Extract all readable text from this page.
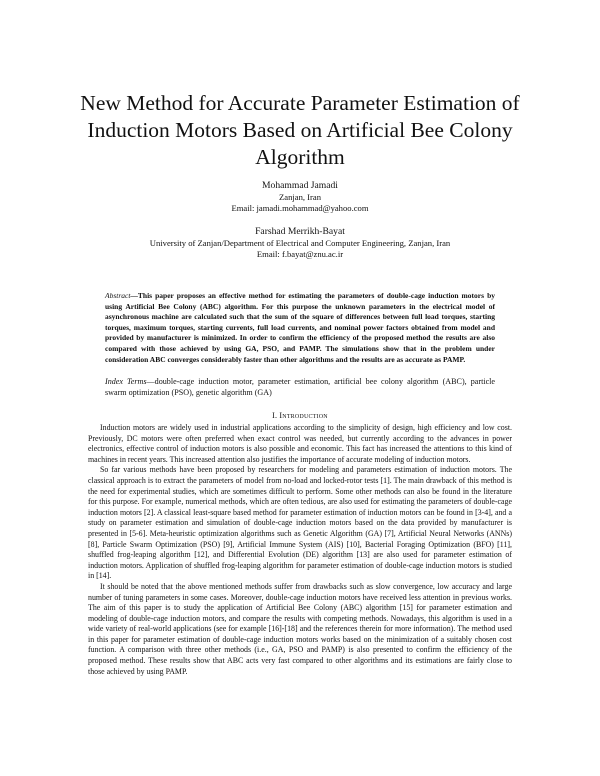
New Method for Accurate Parameter Estimation of Induction Motors Based on Artificial Bee Colony Algorithm
Mohammad Jamadi
Zanjan, Iran
Email: jamadi.mohammad@yahoo.com
Farshad Merrikh-Bayat
University of Zanjan/Department of Electrical and Computer Engineering, Zanjan, Iran
Email: f.bayat@znu.ac.ir

Abstract—This paper proposes an effective method for estimating the parameters of double-cage induction motors by using Artificial Bee Colony (ABC) algorithm. For this purpose the unknown parameters in the electrical model of asynchronous machine are calculated such that the sum of the square of differences between full load torques, starting torques, maximum torques, starting currents, full load currents, and nominal power factors obtained from model and provided by manufacturer is minimized. In order to confirm the efficiency of the proposed method the results are also compared with those achieved by using GA, PSO, and PAMP. The simulations show that in the problem under consideration ABC converges considerably faster than other algorithms and the results are as accurate as PAMP.

Index Terms—double-cage induction motor, parameter estimation, artificial bee colony algorithm (ABC), particle swarm optimization (PSO), genetic algorithm (GA)

I. Introduction

Induction motors are widely used in industrial applications according to the simplicity of design, high efficiency and low cost. Previously, DC motors were often preferred when exact control was needed, but currently according to the advances in power electronics, effective control of induction motors is also possible and economic. This fact has increased the attentions to this kind of machines in recent years. This increased attention also justifies the importance of accurate modeling of induction motors.

So far various methods have been proposed by researchers for modeling and parameters estimation of induction motors. The classical approach is to extract the parameters of model from no-load and locked-rotor tests [1]. The main drawback of this method is the need for experimental studies, which are sometimes difficult to perform. Some other methods can also be found in the literature for this purpose. For example, numerical methods, which are often tedious, are also used for estimating the parameters of double-cage induction motors [2]. A classical least-square based method for parameter estimation of induction motors can be found in [3-4], and a study on parameter estimation and simulation of double-cage induction motors based on the data provided by manufacturer is presented in [5-6]. Meta-heuristic optimization algorithms such as Genetic Algorithm (GA) [7], Artificial Neural Networks (ANNs) [8], Particle Swarm Optimization (PSO) [9], Artificial Immune System (AIS) [10], Bacterial Foraging Optimization (BFO) [11], shuffled frog-leaping algorithm [12], and Differential Evolution (DE) algorithm [13] are also used for parameter estimation of induction motors. Application of shuffled frog-leaping algorithm for parameter estimation of double-cage induction motors is studied in [14].

It should be noted that the above mentioned methods suffer from drawbacks such as slow convergence, low accuracy and large number of tuning parameters in some cases. Moreover, double-cage induction motors have received less attention in previous works. The aim of this paper is to study the application of Artificial Bee Colony (ABC) algorithm [15] for parameter estimation and modeling of double-cage induction motors, and compare the results with competing methods. Nowadays, this algorithm is used in a wide variety of real-world applications (see for example [16]-[18] and the references therein for more information). The method used in this paper for parameter estimation of double-cage induction motors works based on the minimization of a suitably chosen cost function. A comparison with three other methods (i.e., GA, PSO and PAMP) is also presented to confirm the efficiency of the proposed method. These results show that ABC acts very fast compared to other algorithms and its estimations are fairly close to those achieved by using PAMP.
